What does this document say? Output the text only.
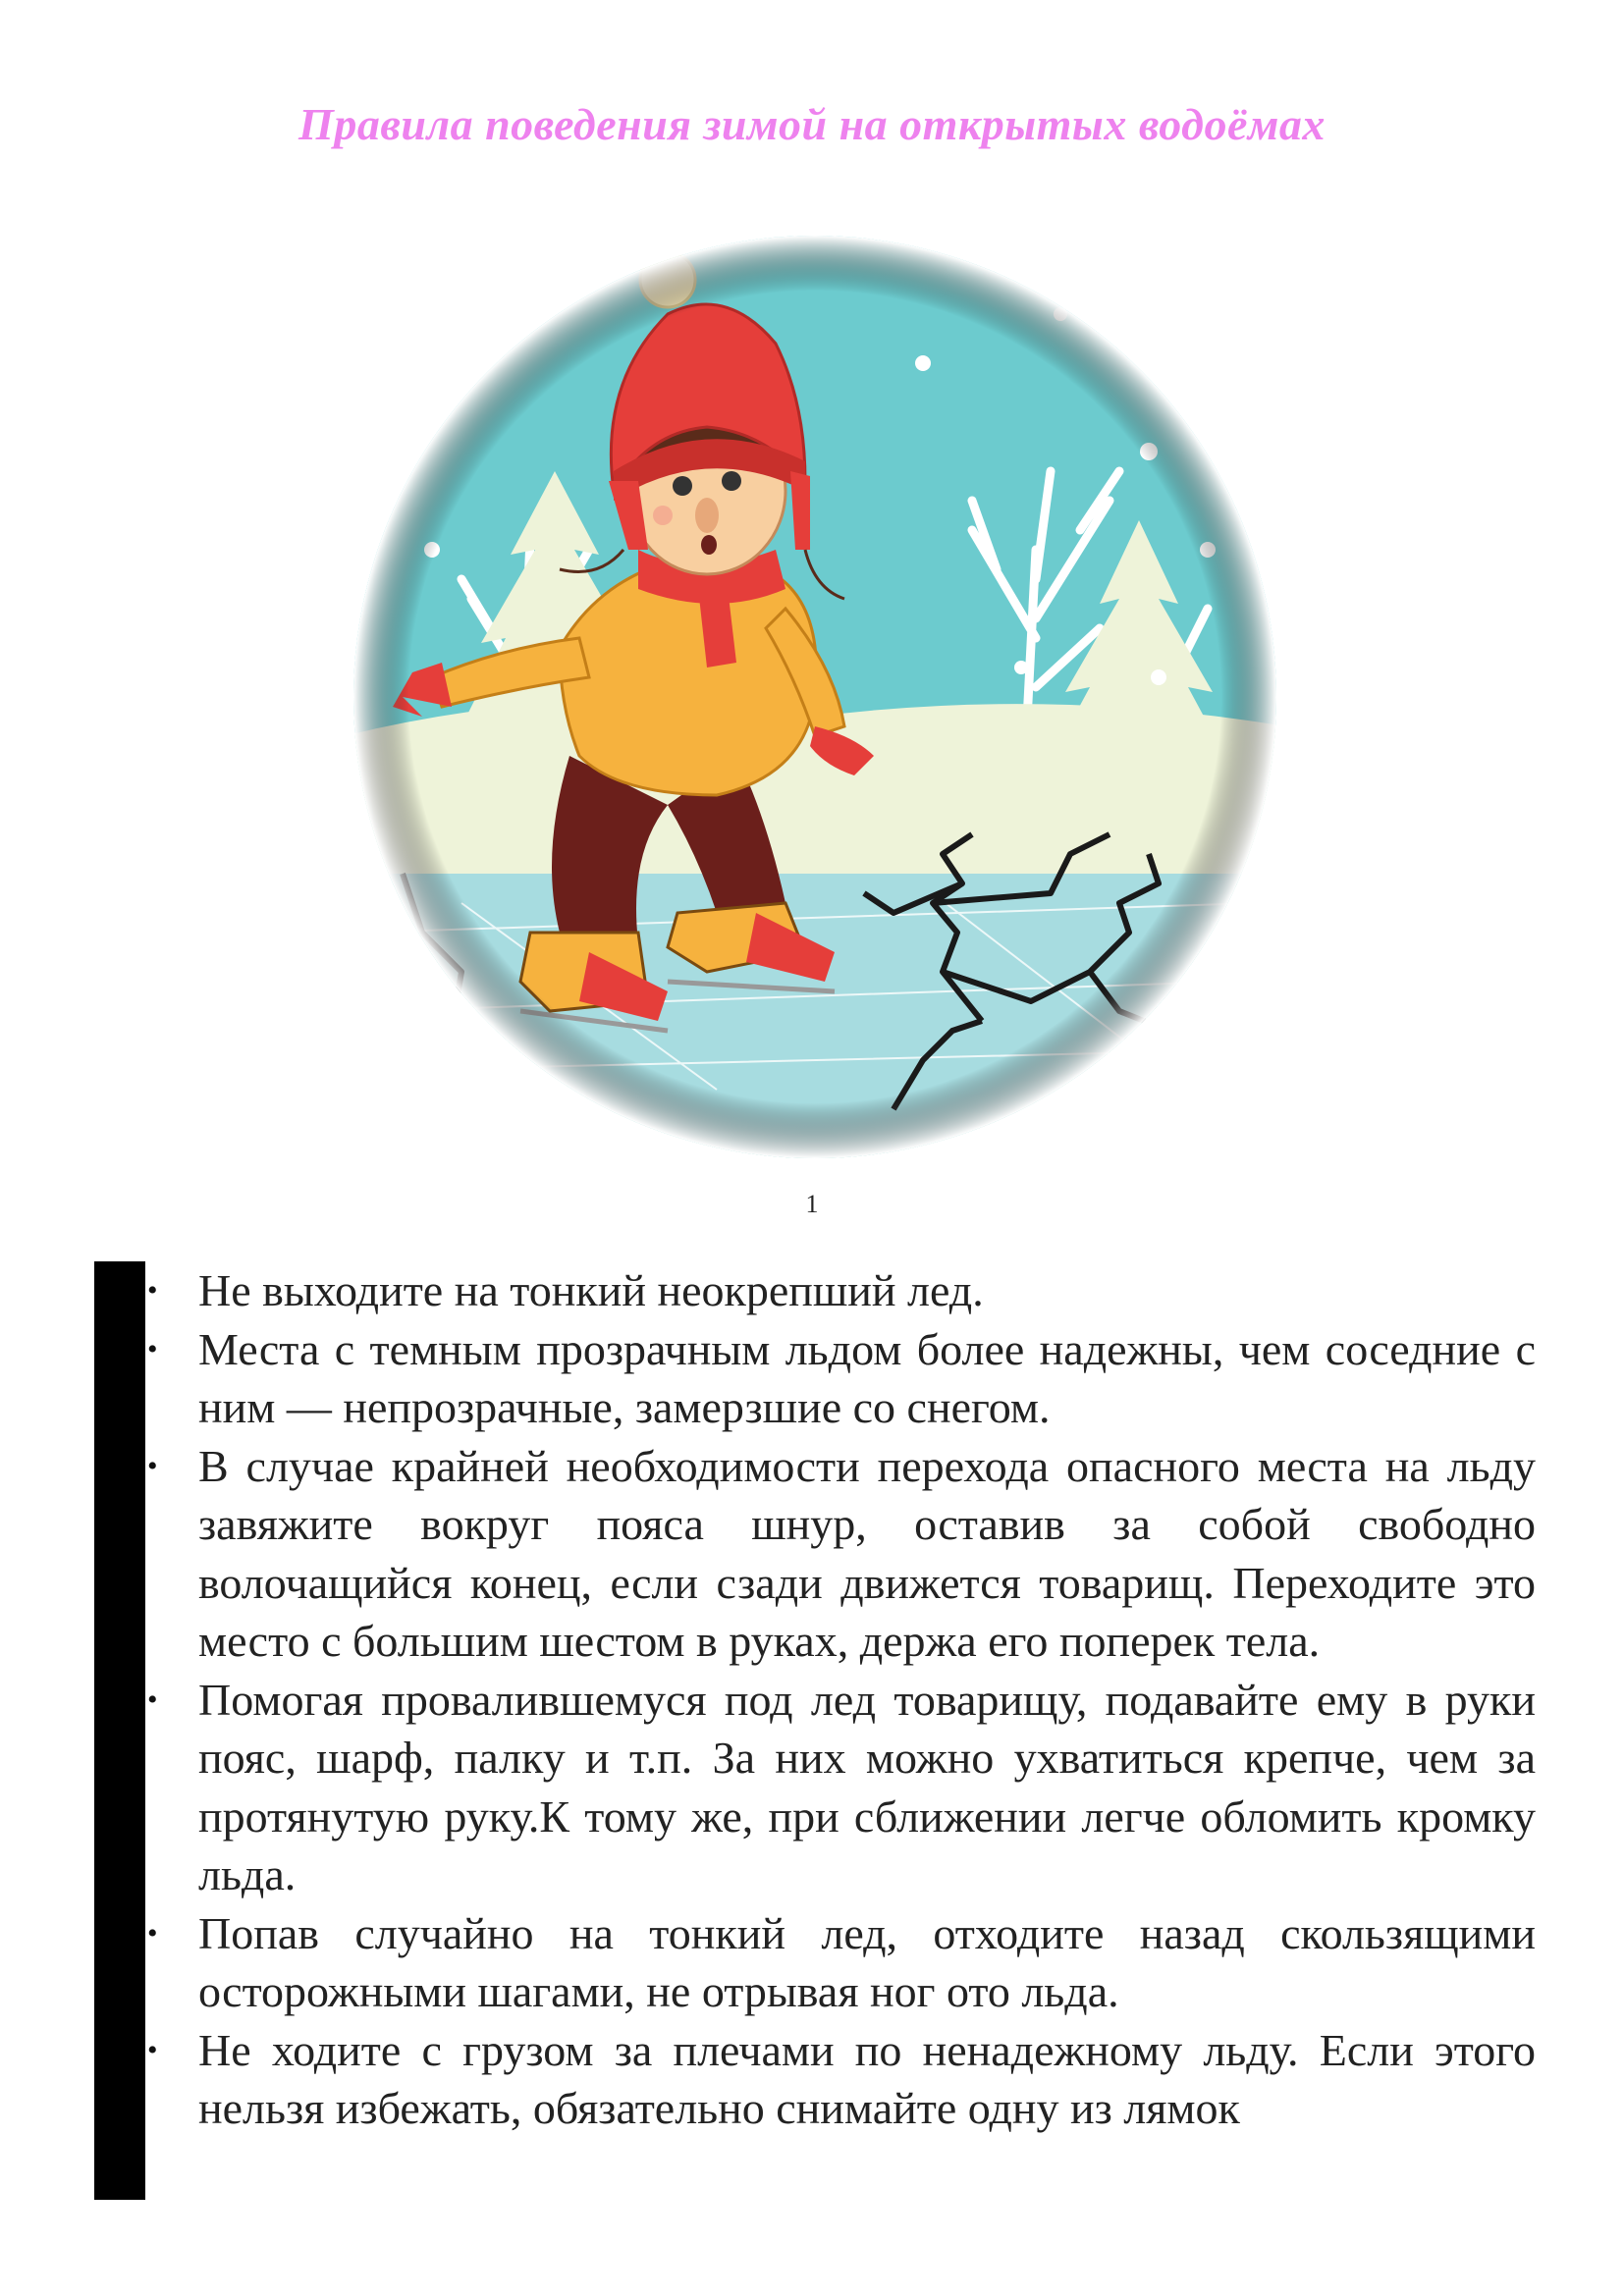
Правила поведения зимой на открытых водоёмах
1
• Не выходите на тонкий неокрепший лед.
• Места с темным прозрачным льдом более надежны, чем соседние с ним — непрозрачные, замерзшие со снегом.
• В случае крайней необходимости перехода опасного места на льду завяжите вокруг пояса шнур, оставив за собой свободно волочащийся конец, если сзади движется товарищ. Переходите это место с большим шестом в руках, держа его поперек тела.
• Помогая провалившемуся под лед товарищу, подавайте ему в руки пояс, шарф, палку и т.п. За них можно ухватиться крепче, чем за протянутую руку.К тому же, при сближении легче обломить кромку льда.
• Попав случайно на тонкий лед, отходите назад скользящими осторожными шагами, не отрывая ног ото льда.
• Не ходите с грузом за плечами по ненадежному льду. Если этого нельзя избежать, обязательно снимайте одну из лямок
